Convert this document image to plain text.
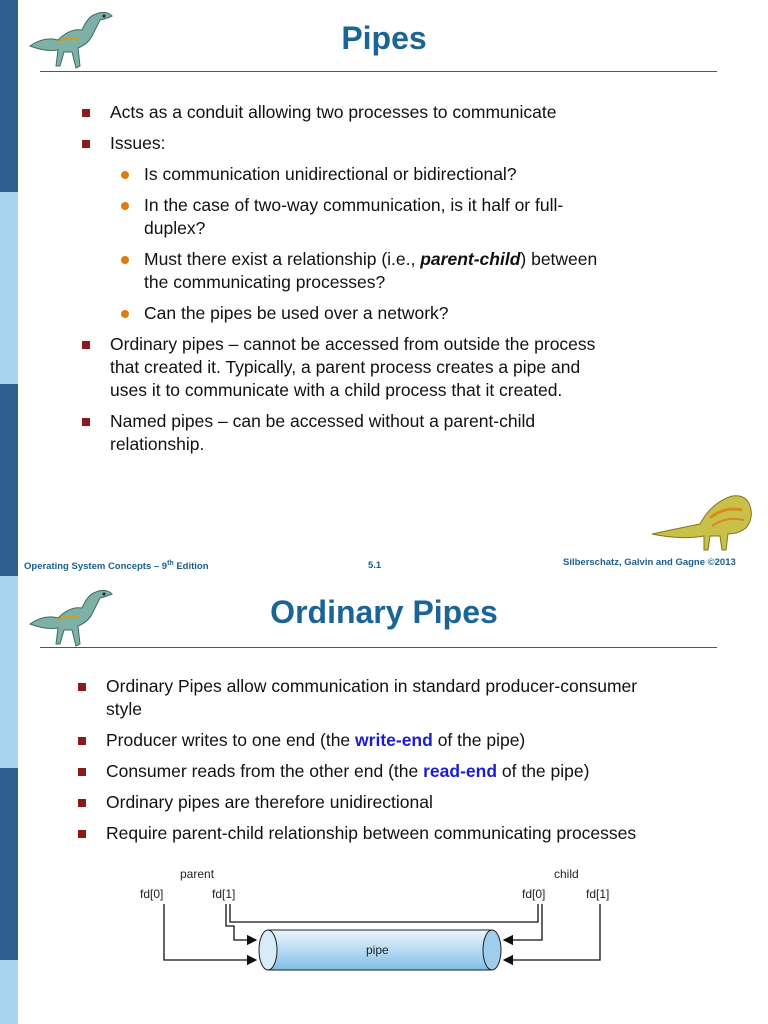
Pipes
Acts as a conduit allowing two processes to communicate
Issues:
Is communication unidirectional or bidirectional?
In the case of two-way communication, is it half or full-
duplex?
Must there exist a relationship (i.e., parent-child) between
the communicating processes?
Can the pipes be used over a network?
Ordinary pipes – cannot be accessed from outside the process
that created it. Typically, a parent process creates a pipe and
uses it to communicate with a child process that it created.
Named pipes – can be accessed without a parent-child
relationship.
Operating System Concepts – 9th Edition	5.1	Silberschatz, Galvin and Gagne ©2013
Ordinary Pipes
Ordinary Pipes allow communication in standard producer-consumer
style
Producer writes to one end (the write-end of the pipe)
Consumer reads from the other end (the read-end of the pipe)
Ordinary pipes are therefore unidirectional
Require parent-child relationship between communicating processes
parent	child
fd[0]	fd[1]	fd[0]	fd[1]
pipe
